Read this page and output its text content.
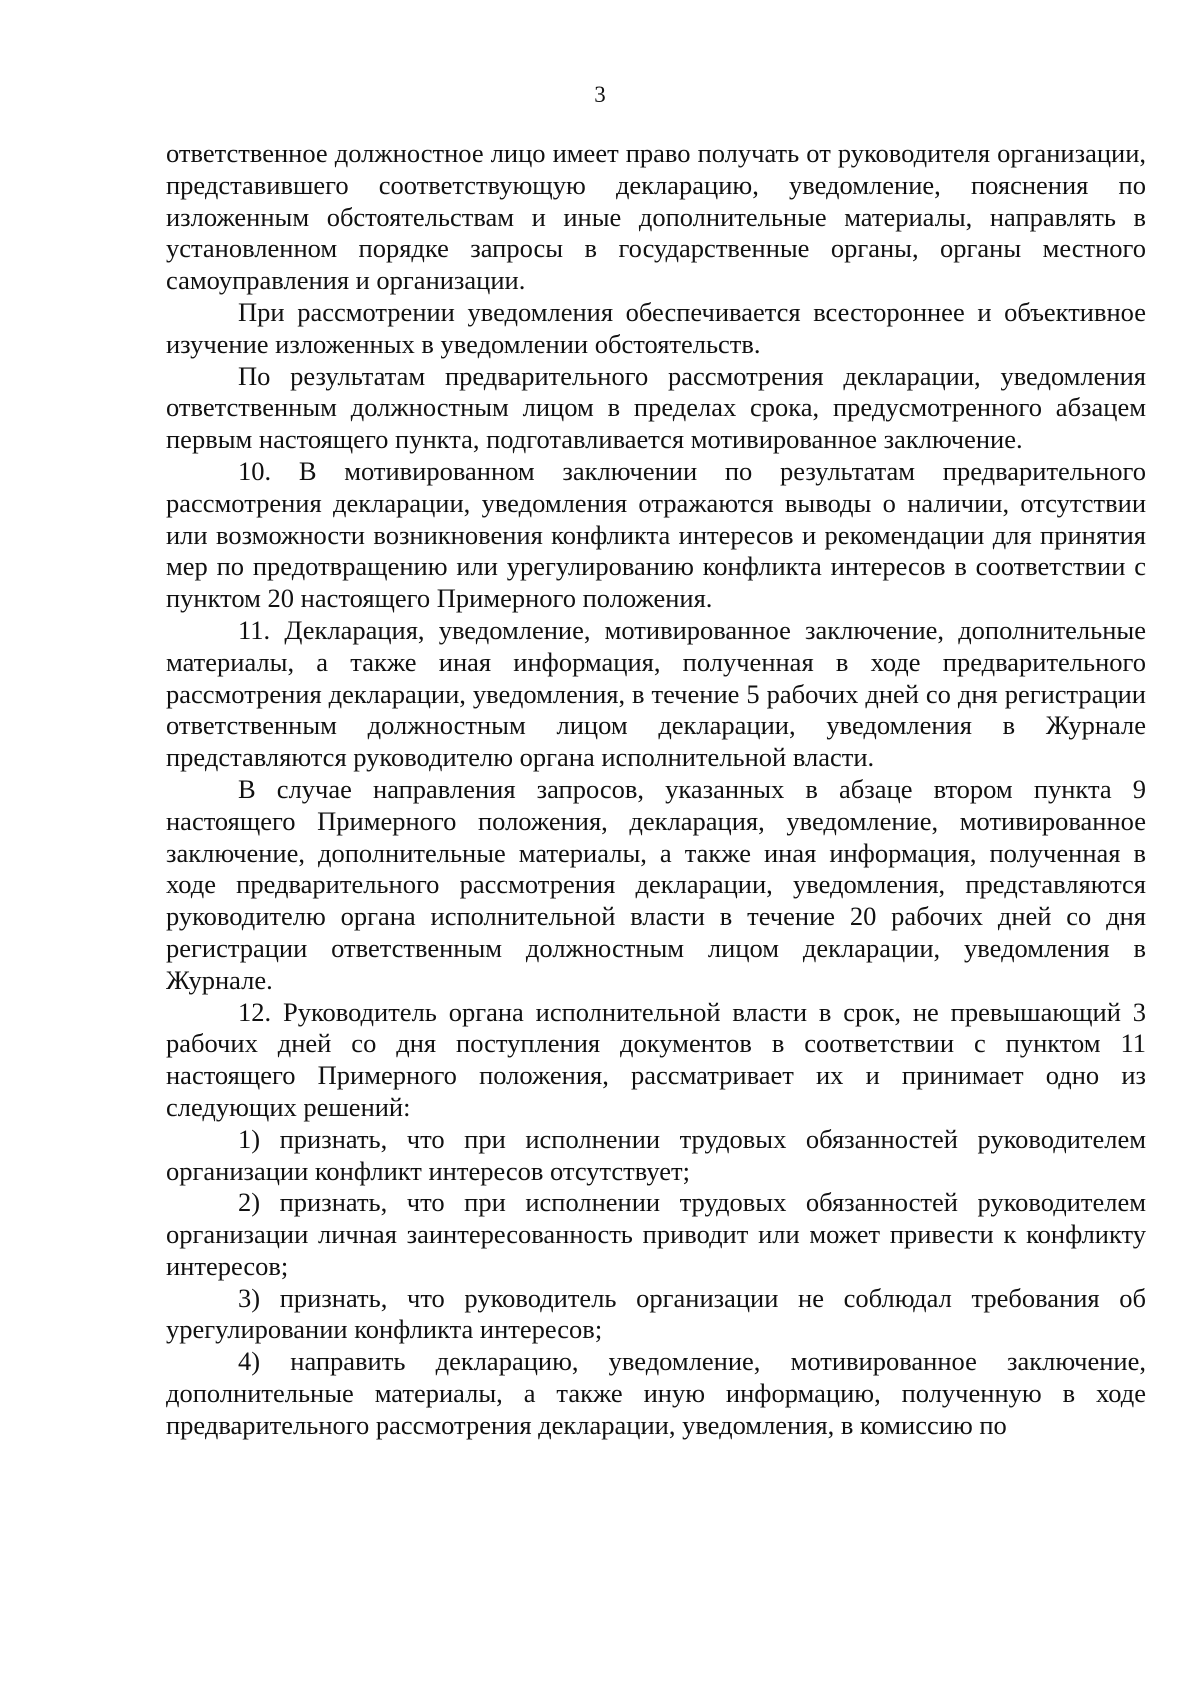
3

ответственное должностное лицо имеет право получать от руководителя организации, представившего соответствующую декларацию, уведомление, пояснения по изложенным обстоятельствам и иные дополнительные материалы, направлять в установленном порядке запросы в государственные органы, органы местного самоуправления и организации.

При рассмотрении уведомления обеспечивается всестороннее и объективное изучение изложенных в уведомлении обстоятельств.

По результатам предварительного рассмотрения декларации, уведомления ответственным должностным лицом в пределах срока, предусмотренного абзацем первым настоящего пункта, подготавливается мотивированное заключение.

10. В мотивированном заключении по результатам предварительного рассмотрения декларации, уведомления отражаются выводы о наличии, отсутствии или возможности возникновения конфликта интересов и рекомендации для принятия мер по предотвращению или урегулированию конфликта интересов в соответствии с пунктом 20 настоящего Примерного положения.

11. Декларация, уведомление, мотивированное заключение, дополнительные материалы, а также иная информация, полученная в ходе предварительного рассмотрения декларации, уведомления, в течение 5 рабочих дней со дня регистрации ответственным должностным лицом декларации, уведомления в Журнале представляются руководителю органа исполнительной власти.

В случае направления запросов, указанных в абзаце втором пункта 9 настоящего Примерного положения, декларация, уведомление, мотивированное заключение, дополнительные материалы, а также иная информация, полученная в ходе предварительного рассмотрения декларации, уведомления, представляются руководителю органа исполнительной власти в течение 20 рабочих дней со дня регистрации ответственным должностным лицом декларации, уведомления в Журнале.

12. Руководитель органа исполнительной власти в срок, не превышающий 3 рабочих дней со дня поступления документов в соответствии с пунктом 11 настоящего Примерного положения, рассматривает их и принимает одно из следующих решений:

1) признать, что при исполнении трудовых обязанностей руководителем организации конфликт интересов отсутствует;

2) признать, что при исполнении трудовых обязанностей руководителем организации личная заинтересованность приводит или может привести к конфликту интересов;

3) признать, что руководитель организации не соблюдал требования об урегулировании конфликта интересов;

4) направить декларацию, уведомление, мотивированное заключение, дополнительные материалы, а также иную информацию, полученную в ходе предварительного рассмотрения декларации, уведомления, в комиссию по
